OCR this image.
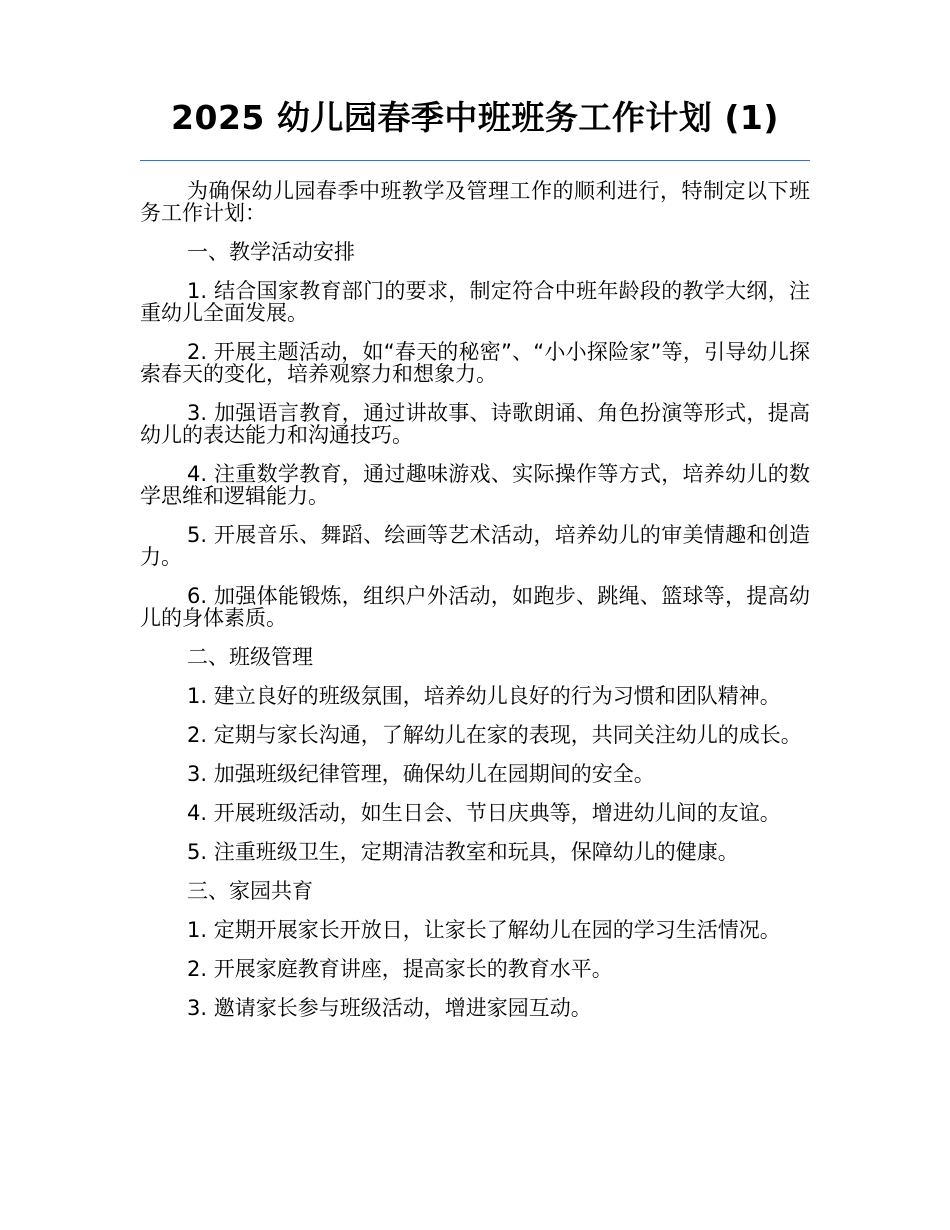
2025 幼儿园春季中班班务工作计划 (1)

为确保幼儿园春季中班教学及管理工作的顺利进行，特制定以下班务工作计划：

一、教学活动安排

1. 结合国家教育部门的要求，制定符合中班年龄段的教学大纲，注重幼儿全面发展。

2. 开展主题活动，如“春天的秘密”、“小小探险家”等，引导幼儿探索春天的变化，培养观察力和想象力。

3. 加强语言教育，通过讲故事、诗歌朗诵、角色扮演等形式，提高幼儿的表达能力和沟通技巧。

4. 注重数学教育，通过趣味游戏、实际操作等方式，培养幼儿的数学思维和逻辑能力。

5. 开展音乐、舞蹈、绘画等艺术活动，培养幼儿的审美情趣和创造力。

6. 加强体能锻炼，组织户外活动，如跑步、跳绳、篮球等，提高幼儿的身体素质。

二、班级管理

1. 建立良好的班级氛围，培养幼儿良好的行为习惯和团队精神。

2. 定期与家长沟通，了解幼儿在家的表现，共同关注幼儿的成长。

3. 加强班级纪律管理，确保幼儿在园期间的安全。

4. 开展班级活动，如生日会、节日庆典等，增进幼儿间的友谊。

5. 注重班级卫生，定期清洁教室和玩具，保障幼儿的健康。

三、家园共育

1. 定期开展家长开放日，让家长了解幼儿在园的学习生活情况。

2. 开展家庭教育讲座，提高家长的教育水平。

3. 邀请家长参与班级活动，增进家园互动。
